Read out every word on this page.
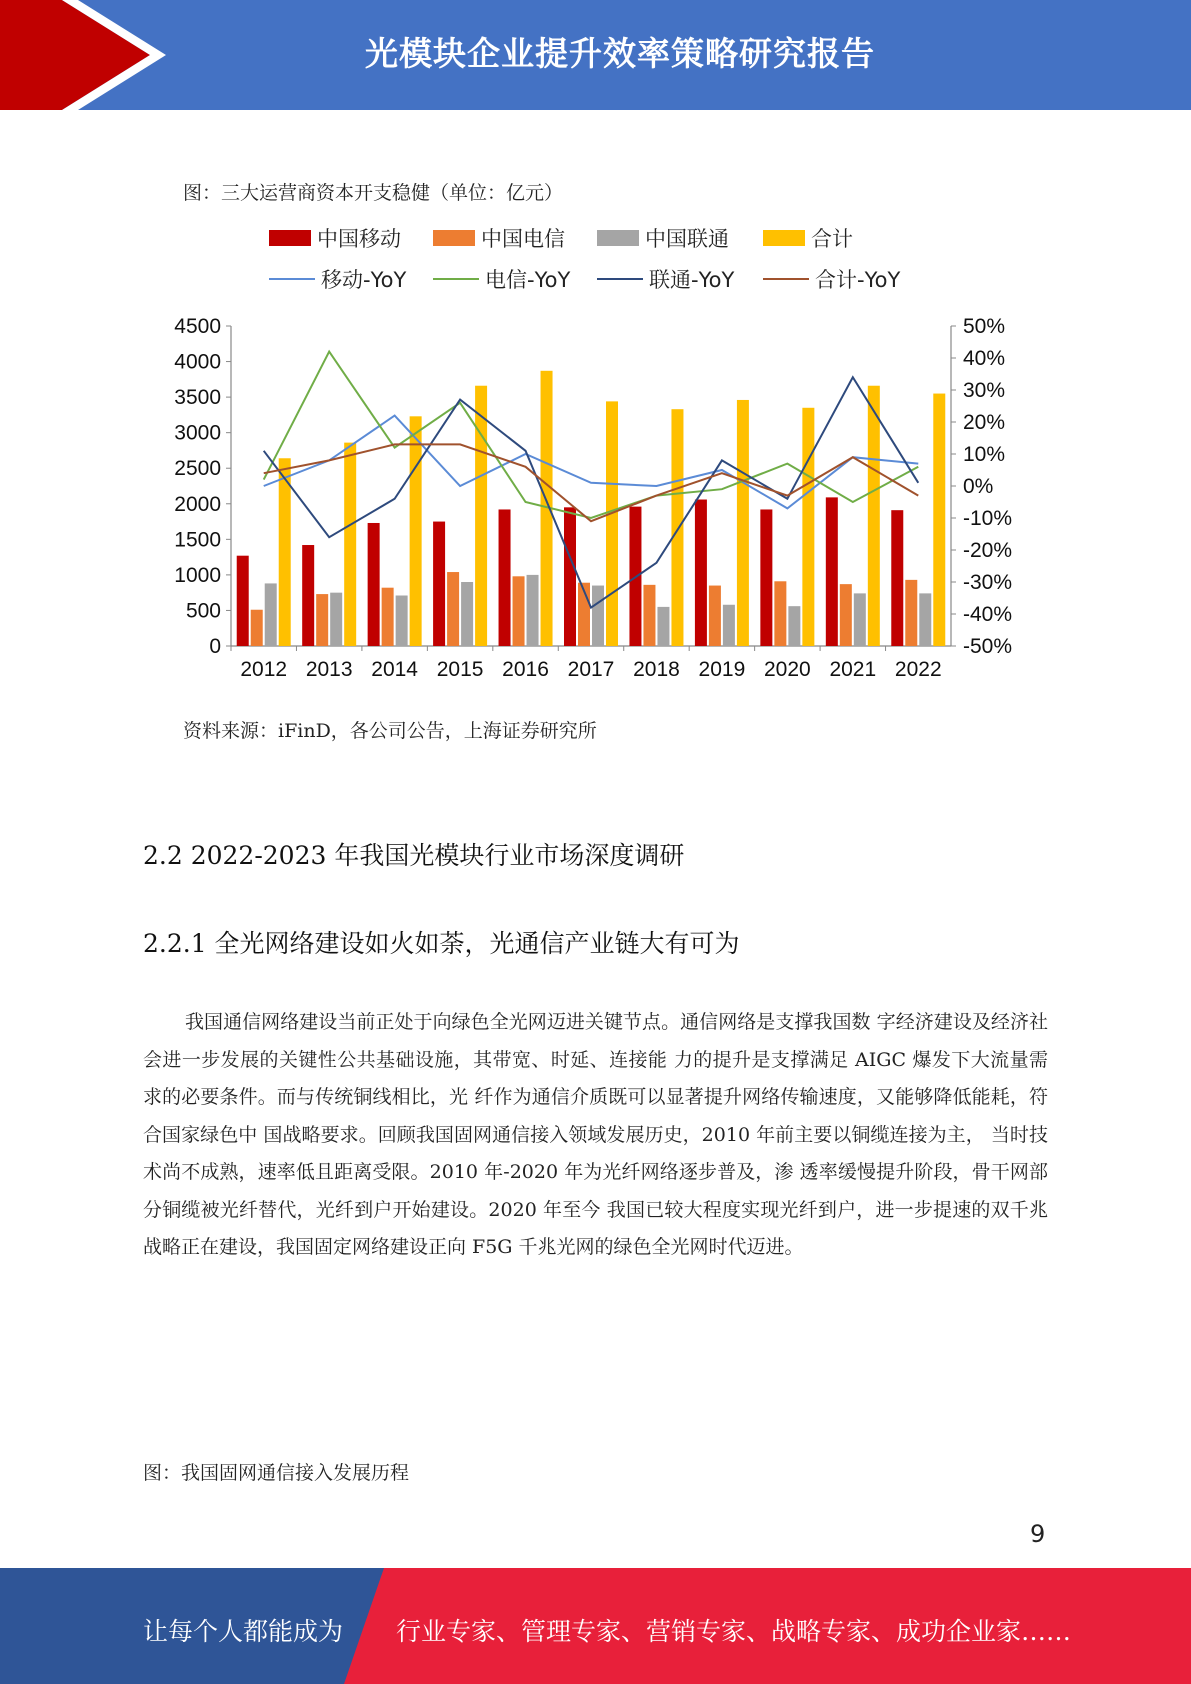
光模块企业提升效率策略研究报告
图：三大运营商资本开支稳健（单位：亿元）
中国移动	中国电信	中国联通	合计
移动-YoY	电信-YoY	联通-YoY	合计-YoY
0
500
1000
1500
2000
2500
3000
3500
4000
4500
-50%
-40%
-30%
-20%
-10%
0%
10%
20%
30%
40%
50%
2012 2013 2014 2015 2016 2017 2018 2019 2020 2021 2022
资料来源：iFinD，各公司公告，上海证券研究所
2.2 2022-2023 年我国光模块行业市场深度调研
2.2.1 全光网络建设如火如荼，光通信产业链大有可为

我国通信网络建设当前正处于向绿色全光网迈进关键节点。通信网络是支撑我国数 字经济建设及经济社会进一步发展的关键性公共基础设施，其带宽、时延、连接能 力的提升是支撑满足 AIGC 爆发下大流量需求的必要条件。而与传统铜线相比，光 纤作为通信介质既可以显著提升网络传输速度，又能够降低能耗，符合国家绿色中 国战略要求。回顾我国固网通信接入领域发展历史，2010 年前主要以铜缆连接为主， 当时技术尚不成熟，速率低且距离受限。2010 年-2020 年为光纤网络逐步普及，渗 透率缓慢提升阶段，骨干网部分铜缆被光纤替代，光纤到户开始建设。2020 年至今 我国已较大程度实现光纤到户，进一步提速的双千兆战略正在建设，我国固定网络建设正向 F5G 千兆光网的绿色全光网时代迈进。

图：我国固网通信接入发展历程
9
让每个人都能成为 行业专家、管理专家、营销专家、战略专家、成功企业家……
